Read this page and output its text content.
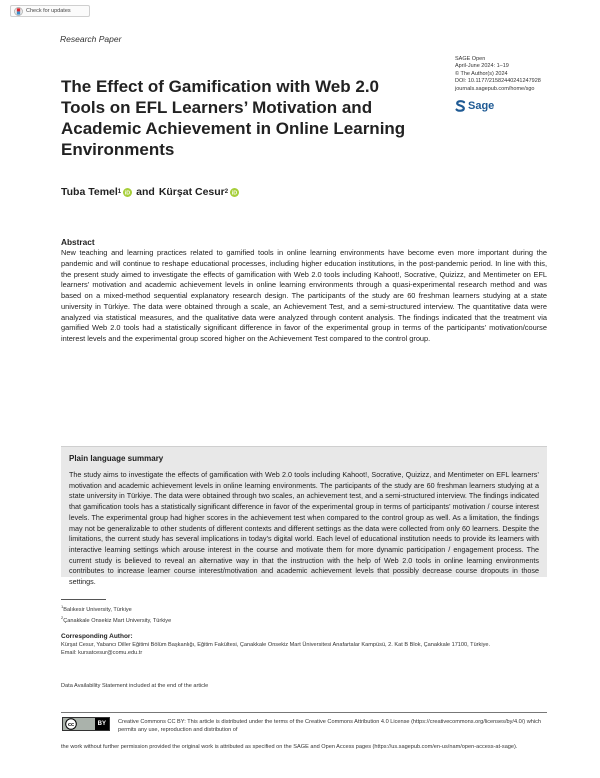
Check for updates
Research Paper
The Effect of Gamification with Web 2.0 Tools on EFL Learners’ Motivation and Academic Achievement in Online Learning Environments
SAGE Open
April-June 2024: 1–19
© The Author(s) 2024
DOI: 10.1177/21582440241247928
journals.sagepub.com/home/sgo
Sage
Tuba Temel 1 iD and Kürşat Cesur 2 iD
Abstract
New teaching and learning practices related to gamified tools in online learning environments have become even more important during the pandemic and will continue to reshape educational processes, including higher education institutions, in the post-pandemic period. In line with this, the present study aimed to investigate the effects of gamification with Web 2.0 tools including Kahoot!, Socrative, Quizizz, and Mentimeter on EFL learners’ motivation and academic achievement levels in online learning environments through a quasi-experimental research method and was based on a mixed-method sequential explanatory research design. The participants of the study are 60 freshman learners studying at a state university in Türkiye. The data were obtained through a scale, an Achievement Test, and a semi-structured interview. The quantitative data were analyzed via statistical measures, and the qualitative data were analyzed through content analysis. The findings indicated that the treatment via gamified Web 2.0 tools had a statistically significant difference in favor of the experimental group in terms of the participants’ motivation/course interest levels and the experimental group scored higher on the Achievement Test compared to the control group.
Plain language summary
The study aims to investigate the effects of gamification with Web 2.0 tools including Kahoot!, Socrative, Quizizz, and Mentimeter on EFL learners’ motivation and academic achievement levels in online learning environments. The participants of the study are 60 freshman learners studying at a state university in Türkiye. The data were obtained through two scales, an achievement test, and a semi-structured interview. The findings indicated that gamification tools has a statistically significant difference in favor of the experimental group in terms of participants’ motivation / course interest levels. The experimental group had higher scores in the achievement test when compared to the control group as well. As a limitation, the findings may not be generalizable to other students of different contexts and different settings as the data were collected from only 60 learners. Despite the limitations, the current study has several implications in today’s digital world. Each level of educational institution needs to provide its learners with interactive learning settings which arouse interest in the course and motivate them for more dynamic participation / engagement process. The current study is believed to reveal an alternative way in that the instruction with the help of Web 2.0 tools in online learning environments contributes to increase learner course interest/motivation and academic achievement levels that possibly decrease course dropouts in those settings.
$^1$Balıkesir University, Türkiye
$^2$Çanakkale Onsekiz Mart University, Türkiye
Corresponding Author:
Kürşat Cesur, Yabancı Diller Eğitimi Bölüm Başkanlığı, Eğitim Fakültesi, Çanakkale Onsekiz Mart Üniversitesi Anafartalar Kampüsü, 2. Kat B Blok, Çanakkale 17100, Türkiye.
Email: kursatcesur@comu.edu.tr
Data Availability Statement included at the end of the article
cc	BY	Creative Commons CC BY: This article is distributed under the terms of the Creative Commons Attribution 4.0 License (https://creativecommons.org/licenses/by/4.0/) which permits any use, reproduction and distribution of
the work without further permission provided the original work is attributed as specified on the SAGE and Open Access pages (https://us.sagepub.com/en-us/nam/open-access-at-sage).
